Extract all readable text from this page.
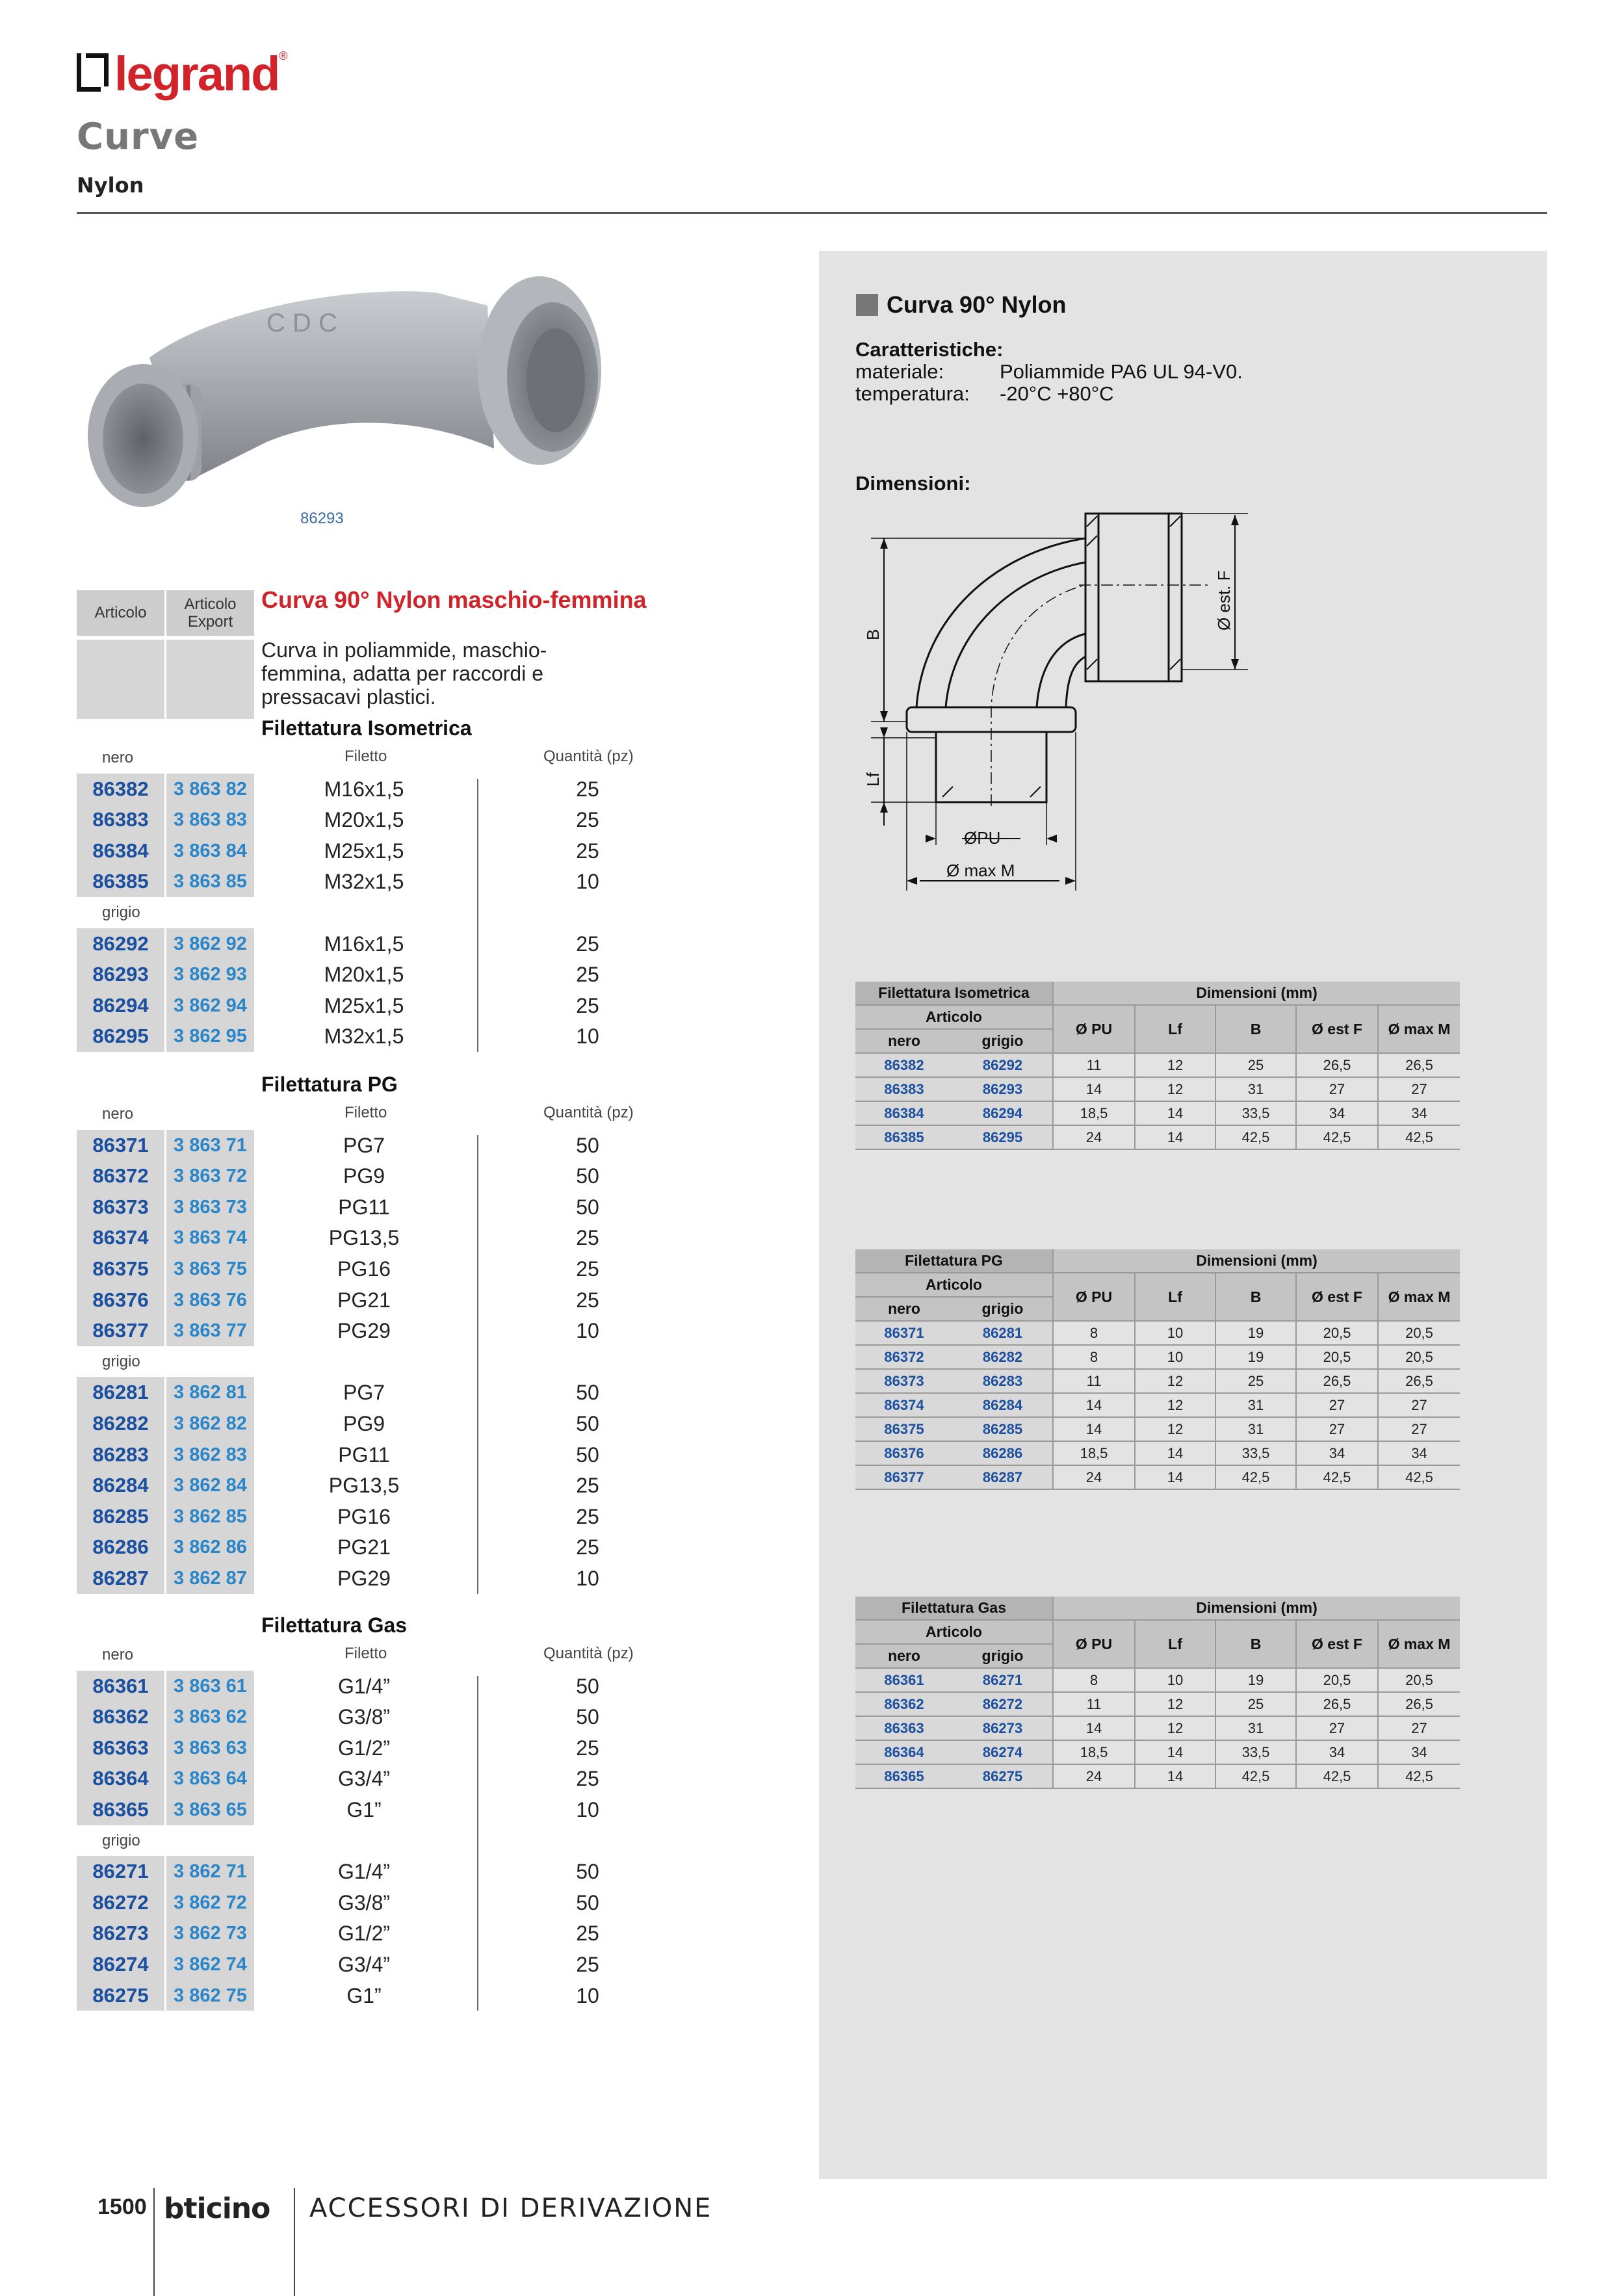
legrand ®
Curve
Nylon
C D C
86293
Articolo	Articolo Export
Curva 90° Nylon maschio-femmina
Curva in poliammide, maschio-femmina, adatta per raccordi e pressacavi plastici.
Filettatura Isometrica
Filetto	Quantità (pz)
nero
86382	3 863 82	M16x1,5	25
86383	3 863 83	M20x1,5	25
86384	3 863 84	M25x1,5	25
86385	3 863 85	M32x1,5	10
grigio
86292	3 862 92	M16x1,5	25
86293	3 862 93	M20x1,5	25
86294	3 862 94	M25x1,5	25
86295	3 862 95	M32x1,5	10
Filettatura PG
Filetto	Quantità (pz)
nero
86371	3 863 71	PG7	50
86372	3 863 72	PG9	50
86373	3 863 73	PG11	50
86374	3 863 74	PG13,5	25
86375	3 863 75	PG16	25
86376	3 863 76	PG21	25
86377	3 863 77	PG29	10
grigio
86281	3 862 81	PG7	50
86282	3 862 82	PG9	50
86283	3 862 83	PG11	50
86284	3 862 84	PG13,5	25
86285	3 862 85	PG16	25
86286	3 862 86	PG21	25
86287	3 862 87	PG29	10
Filettatura Gas
Filetto	Quantità (pz)
nero
86361	3 863 61	G1/4”	50
86362	3 863 62	G3/8”	50
86363	3 863 63	G1/2”	25
86364	3 863 64	G3/4”	25
86365	3 863 65	G1”	10
grigio
86271	3 862 71	G1/4”	50
86272	3 862 72	G3/8”	50
86273	3 862 73	G1/2”	25
86274	3 862 74	G3/4”	25
86275	3 862 75	G1”	10
Curva 90° Nylon
Caratteristiche:
materiale:	Poliammide PA6 UL 94-V0.
temperatura: -20°C +80°C
Dimensioni:
B
Lf
Ø est. F
ØPU
Ø max M
Filettatura Isometrica		Dimensioni (mm)				
Articolo		Ø PU	Lf	B	Ø est F	Ø max M
nero	grigio					
86382	86292	11	12	25	26,5	26,5
86383	86293	14	12	31	27	27
86384	86294	18,5	14	33,5	34	34
86385	86295	24	14	42,5	42,5	42,5
Filettatura PG		Dimensioni (mm)				
Articolo		Ø PU	Lf	B	Ø est F	Ø max M
nero	grigio					
86371	86281	8	10	19	20,5	20,5
86372	86282	8	10	19	20,5	20,5
86373	86283	11	12	25	26,5	26,5
86374	86284	14	12	31	27	27
86375	86285	14	12	31	27	27
86376	86286	18,5	14	33,5	34	34
86377	86287	24	14	42,5	42,5	42,5
Filettatura Gas		Dimensioni (mm)				
Articolo		Ø PU	Lf	B	Ø est F	Ø max M
nero	grigio					
86361	86271	8	10	19	20,5	20,5
86362	86272	11	12	25	26,5	26,5
86363	86273	14	12	31	27	27
86364	86274	18,5	14	33,5	34	34
86365	86275	24	14	42,5	42,5	42,5
1500 bticino ACCESSORI DI DERIVAZIONE
